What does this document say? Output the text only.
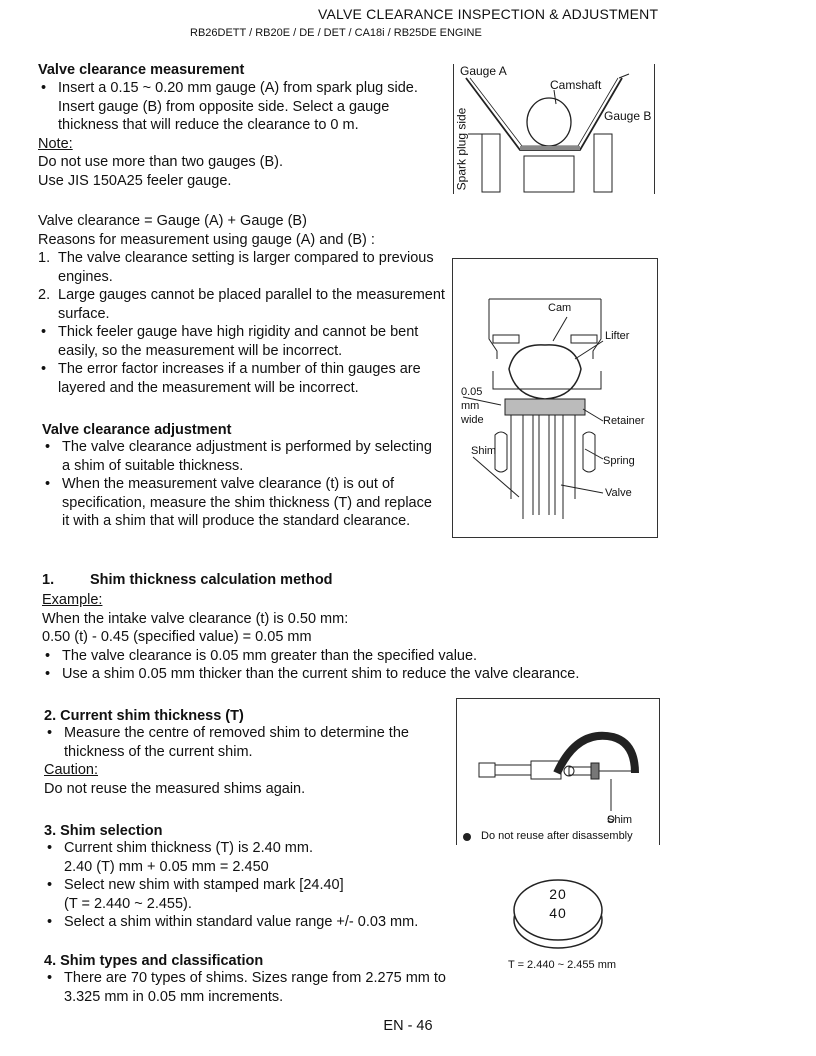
VALVE CLEARANCE INSPECTION & ADJUSTMENT
RB26DETT / RB20E / DE / DET / CA18i / RB25DE ENGINE
Valve clearance measurement
• Insert a 0.15 ~ 0.20 mm gauge (A) from spark plug side. Insert gauge (B) from opposite side. Select a gauge thickness that will reduce the clearance to 0 m.
Note:
Do not use more than two gauges (B).
Use JIS 150A25 feeler gauge.
Gauge A
Camshaft
Gauge B
Spark plug side
Valve clearance = Gauge (A) + Gauge (B)
Reasons for measurement using gauge (A) and (B) :
1. The valve clearance setting is larger compared to previous engines.
2. Large gauges cannot be placed parallel to the measurement surface.
• Thick feeler gauge have high rigidity and cannot be bent easily, so the measurement will be incorrect.
• The error factor increases if a number of thin gauges are layered and the measurement will be incorrect.
Cam
Lifter
0.05
mm
wide	Retainer
Shim
Spring
Valve
Valve clearance adjustment
• The valve clearance adjustment is performed by selecting a shim of suitable thickness.
• When the measurement valve clearance (t) is out of specification, measure the shim thickness (T) and replace it with a shim that will produce the standard clearance.
1. Shim thickness calculation method
Example:
When the intake valve clearance (t) is 0.50 mm:
0.50 (t) - 0.45 (specified value) = 0.05 mm
• The valve clearance is 0.05 mm greater than the specified value.
• Use a shim 0.05 mm thicker than the current shim to reduce the valve clearance.
2. Current shim thickness (T)
• Measure the centre of removed shim to determine the thickness of the current shim.
Caution:
Do not reuse the measured shims again.
Shim
Do not reuse after disassembly
3. Shim selection
• Current shim thickness (T) is 2.40 mm.
2.40 (T) mm + 0.05 mm = 2.450
• Select new shim with stamped mark [24.40]
(T = 2.440 ~ 2.455).
• Select a shim within standard value range +/- 0.03 mm.
20
40
T = 2.440 ~ 2.455 mm
4. Shim types and classification
• There are 70 types of shims. Sizes range from 2.275 mm to 3.325 mm in 0.05 mm increments.
EN - 46
